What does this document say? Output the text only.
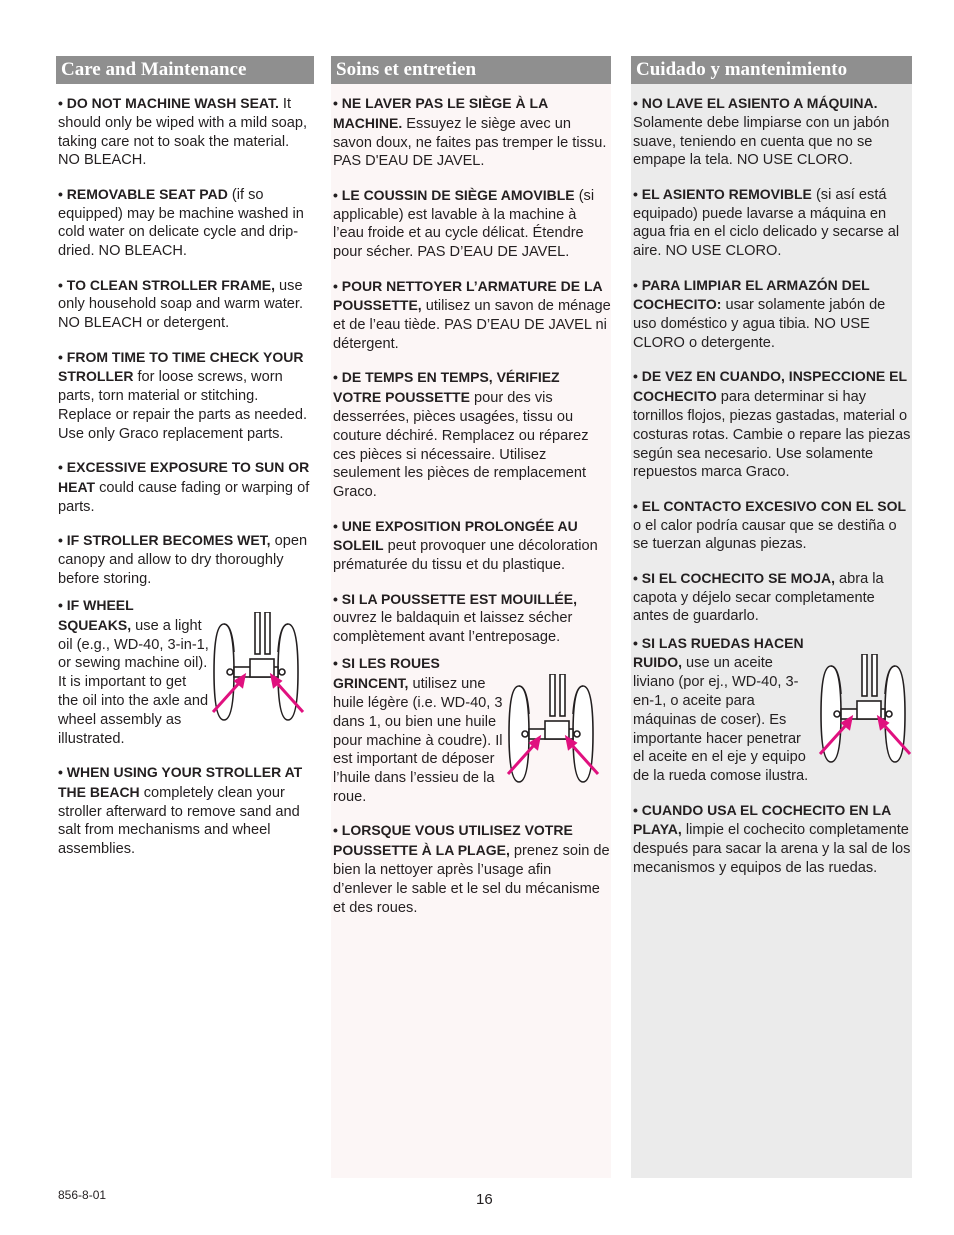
Care and Maintenance

• DO NOT MACHINE WASH SEAT. It should only be wiped with a mild soap, taking care not to soak the material. NO BLEACH.

• REMOVABLE SEAT PAD (if so equipped) may be machine washed in cold water on delicate cycle and drip-dried. NO BLEACH.

• TO CLEAN STROLLER FRAME, use only household soap and warm water. NO BLEACH or detergent.

• FROM TIME TO TIME CHECK YOUR STROLLER for loose screws, worn parts, torn material or stitching. Replace or repair the parts as needed. Use only Graco replacement parts.

• EXCESSIVE EXPOSURE TO SUN OR HEAT could cause fading or warping of parts.

• IF STROLLER BECOMES WET, open canopy and allow to dry thoroughly before storing.

• IF WHEEL SQUEAKS, use a light oil (e.g., WD-40, 3-in-1, or sewing machine oil). It is important to get the oil into the axle and wheel assembly as illustrated.

• WHEN USING YOUR STROLLER AT THE BEACH completely clean your stroller afterward to remove sand and salt from mechanisms and wheel assemblies.

Soins et entretien

• NE LAVER PAS LE SIÈGE À LA MACHINE. Essuyez le siège avec un savon doux, ne faites pas tremper le tissu. PAS D'EAU DE JAVEL.

• LE COUSSIN DE SIÈGE AMOVIBLE (si applicable) est lavable à la machine à l’eau froide et au cycle délicat. Étendre pour sécher. PAS D’EAU DE JAVEL.

• POUR NETTOYER L’ARMATURE DE LA POUSSETTE, utilisez un savon de ménage et de l’eau tiède. PAS D’EAU DE JAVEL ni détergent.

• DE TEMPS EN TEMPS, VÉRIFIEZ VOTRE POUSSETTE pour des vis desserrées, pièces usagées, tissu ou couture déchiré. Remplacez ou réparez ces pièces si nécessaire. Utilisez seulement les pièces de remplacement Graco.

• UNE EXPOSITION PROLONGÉE AU SOLEIL peut provoquer une décoloration prématurée du tissu et du plastique.

• SI LA POUSSETTE EST MOUILLÉE, ouvrez le baldaquin et laissez sécher complètement avant l’entreposage.

• SI LES ROUES GRINCENT, utilisez une huile légère (i.e. WD-40, 3 dans 1, ou bien une huile pour machine à coudre). Il est important de déposer l’huile dans l’essieu de la roue.

• LORSQUE VOUS UTILISEZ VOTRE POUSSETTE À LA PLAGE, prenez soin de bien la nettoyer après l’usage afin d’enlever le sable et le sel du mécanisme et des roues.

Cuidado y mantenimiento

• NO LAVE EL ASIENTO A MÁQUINA. Solamente debe limpiarse con un jabón suave, teniendo en cuenta que no se empape la tela. NO USE CLORO.

• EL ASIENTO REMOVIBLE (si así está equipado) puede lavarse a máquina en agua fria en el ciclo delicado y secarse al aire. NO USE CLORO.

• PARA LIMPIAR EL ARMAZÓN DEL COCHECITO: usar solamente jabón de uso doméstico y agua tibia. NO USE CLORO o detergente.

• DE VEZ EN CUANDO, INSPECCIONE EL COCHECITO para determinar si hay tornillos flojos, piezas gastadas, material o costuras rotas. Cambie o repare las piezas según sea necesario. Use solamente repuestos marca Graco.

• EL CONTACTO EXCESIVO CON EL SOL o el calor podría causar que se destiña o se tuerzan algunas piezas.

• SI EL COCHECITO SE MOJA, abra la capota y déjelo secar completamente antes de guardarlo.

• SI LAS RUEDAS HACEN RUIDO, use un aceite liviano (por ej., WD-40, 3-en-1, o aceite para máquinas de coser). Es importante hacer penetrar el aceite en el eje y equipo de la rueda comose ilustra.

• CUANDO USA EL COCHECITO EN LA PLAYA, limpie el cochecito completamente después para sacar la arena y la sal de los mecanismos y equipos de las ruedas.

856-8-01	16
